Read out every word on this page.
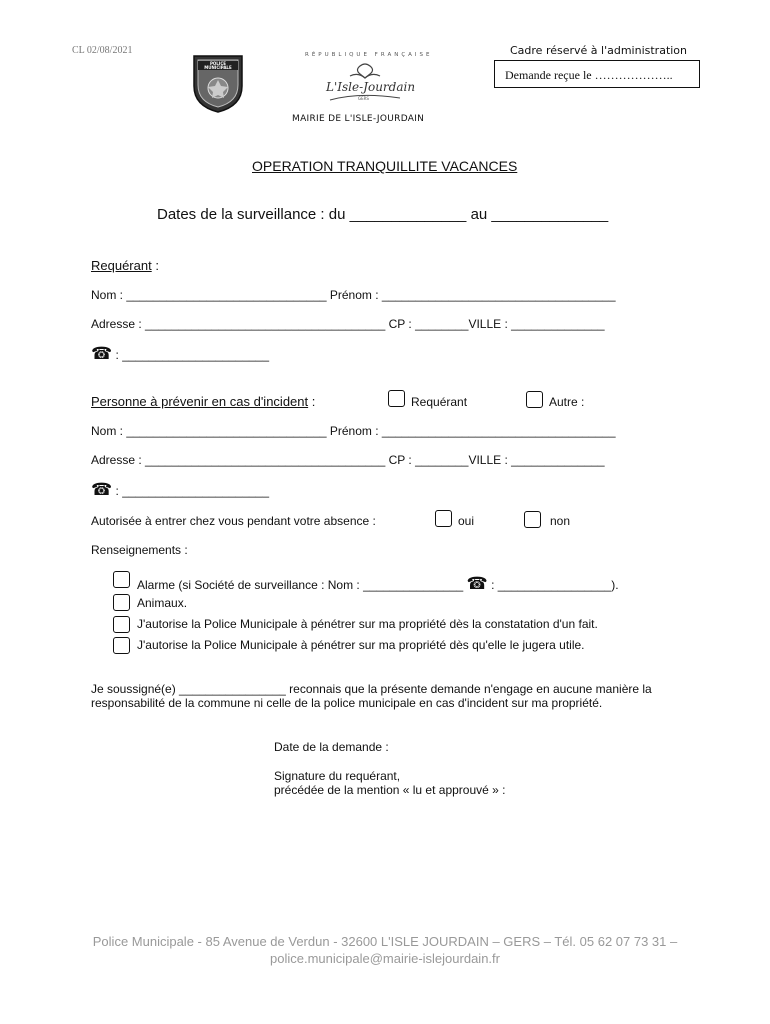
CL 02/08/2021
POLICE MUNICIPALE
RÉPUBLIQUE FRANÇAISE
L'Isle-Jourdain
GERS
MAIRIE DE L'ISLE-JOURDAIN
Cadre réservé à l'administration
Demande reçue le ………………..
OPERATION TRANQUILLITE VACANCES
Dates de la surveillance : du ______________ au ______________
Requérant :
Nom : ______________________________ Prénom : ___________________________________
Adresse : ____________________________________ CP : ________VILLE : ______________
☎ : ______________________
Personne à prévenir en cas d'incident :	Requérant	Autre :
Nom : ______________________________ Prénom : ___________________________________
Adresse : ____________________________________ CP : ________VILLE : ______________
☎ : ______________________
Autorisée à entrer chez vous pendant votre absence :	oui	non
Renseignements :
Alarme (si Société de surveillance : Nom : _______________ ☎ : _________________).
Animaux.
J'autorise la Police Municipale à pénétrer sur ma propriété dès la constatation d'un fait.
J'autorise la Police Municipale à pénétrer sur ma propriété dès qu'elle le jugera utile.
Je soussigné(e) ________________ reconnais que la présente demande n'engage en aucune manière la
responsabilité de la commune ni celle de la police municipale en cas d'incident sur ma propriété.
Date de la demande :
Signature du requérant,
précédée de la mention « lu et approuvé » :
Police Municipale - 85 Avenue de Verdun - 32600 L'ISLE JOURDAIN – GERS – Tél. 05 62 07 73 31 –
police.municipale@mairie-islejourdain.fr
